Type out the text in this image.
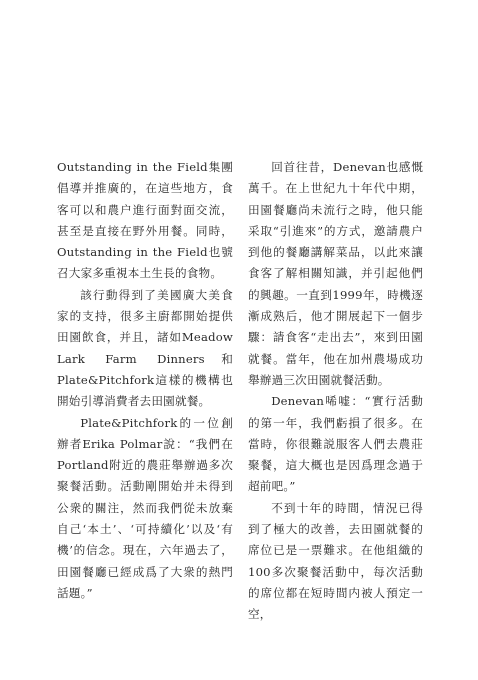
Outstanding in the Field集團倡導并推廣的，在這些地方，食客可以和農户進行面對面交流，甚至是直接在野外用餐。同時，Outstanding in the Field也號召大家多重視本土生長的食物。

該行動得到了美國廣大美食家的支持，很多主廚都開始提供田園飲食，并且，諸如Meadow Lark Farm Dinners和Plate&Pitchfork這樣的機構也開始引導消費者去田園就餐。

Plate&Pitchfork的一位創辦者Erika Polmar說：“我們在Portland附近的農莊舉辦過多次聚餐活動。活動剛開始并未得到公衆的關注，然而我們從未放棄自己‘本土’、‘可持續化’以及‘有機’的信念。現在，六年過去了，田園餐廳已經成爲了大衆的熱門話題。”

回首往昔，Denevan也感慨萬千。在上世紀九十年代中期，田園餐廳尚未流行之時，他只能采取“引進來”的方式，邀請農户到他的餐廳講解菜品，以此來讓食客了解相關知識，并引起他們的興趣。一直到1999年，時機逐漸成熟后，他才開展起下一個步驟：請食客“走出去”，來到田園就餐。當年，他在加州農場成功舉辦過三次田園就餐活動。

Denevan唏嘘：“實行活動的第一年，我們虧損了很多。在當時，你很難説服客人們去農莊聚餐，這大概也是因爲理念過于超前吧。”

不到十年的時間，情況已得到了極大的改善，去田園就餐的席位已是一票難求。在他組織的100多次聚餐活動中，每次活動的席位都在短時間内被人預定一空，
